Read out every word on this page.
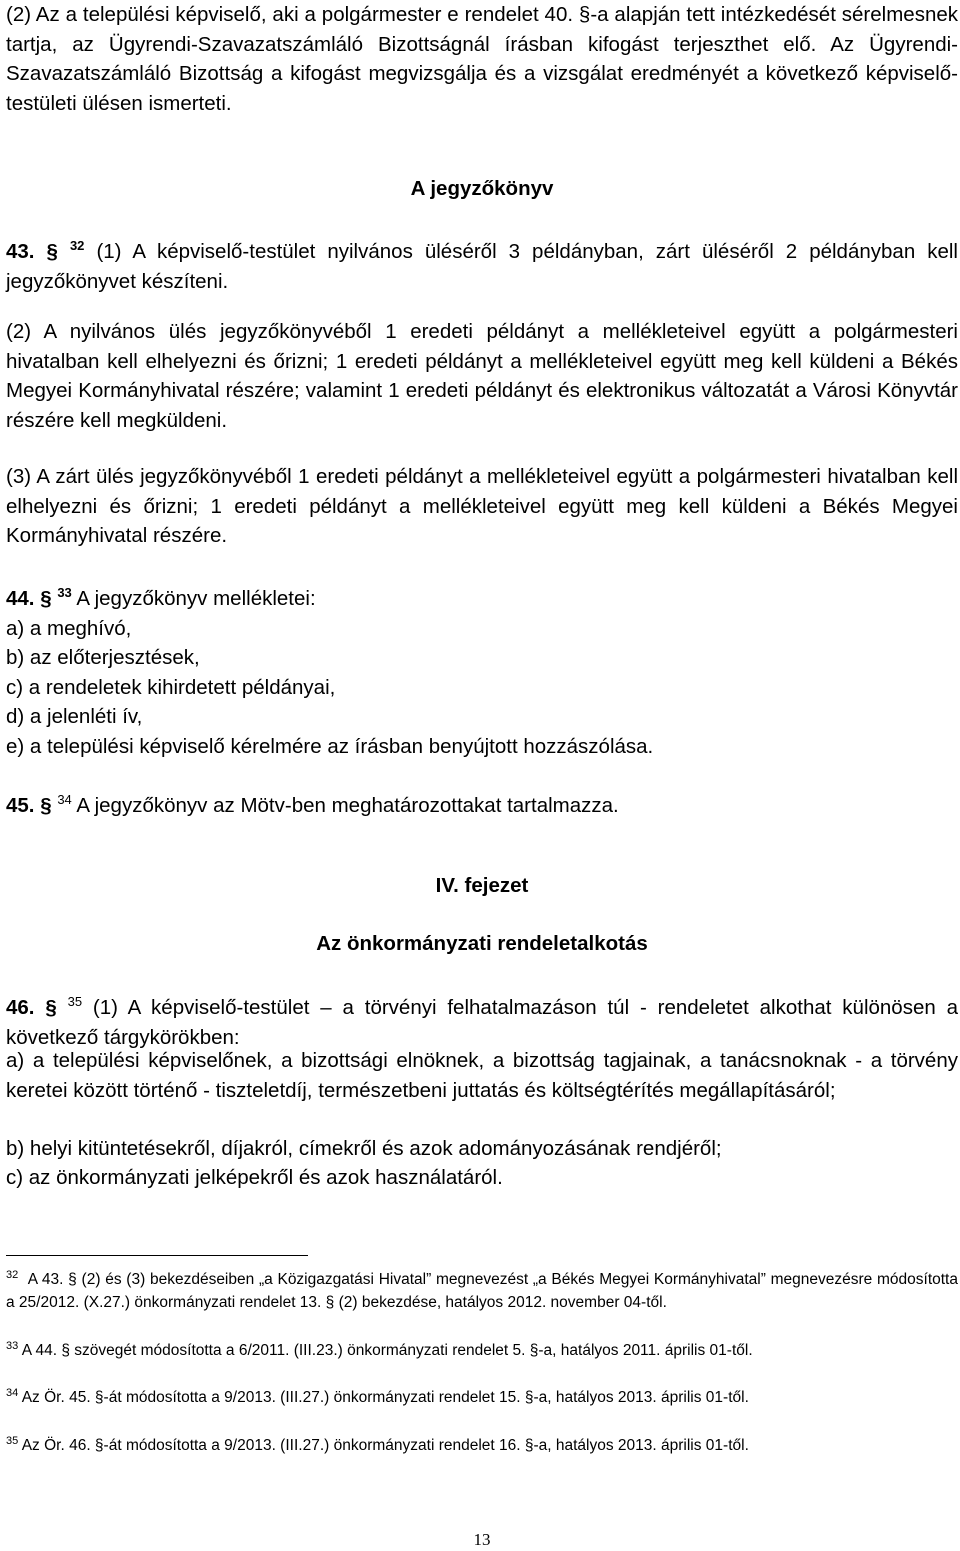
(2) Az a települési képviselő, aki a polgármester e rendelet 40. §-a alapján tett intézkedését sérelmesnek tartja, az Ügyrendi-Szavazatszámláló Bizottságnál írásban kifogást terjeszthet elő. Az Ügyrendi-Szavazatszámláló Bizottság a kifogást megvizsgálja és a vizsgálat eredményét a következő képviselő-testületi ülésen ismerteti.

A jegyzőkönyv

43. § $^{32}$ (1) A képviselő-testület nyilvános üléséről 3 példányban, zárt üléséről 2 példányban kell jegyzőkönyvet készíteni.

(2) A nyilvános ülés jegyzőkönyvéből 1 eredeti példányt a mellékleteivel együtt a polgármesteri hivatalban kell elhelyezni és őrizni; 1 eredeti példányt a mellékleteivel együtt meg kell küldeni a Békés Megyei Kormányhivatal részére; valamint 1 eredeti példányt és elektronikus változatát a Városi Könyvtár részére kell megküldeni.

(3) A zárt ülés jegyzőkönyvéből 1 eredeti példányt a mellékleteivel együtt a polgármesteri hivatalban kell elhelyezni és őrizni; 1 eredeti példányt a mellékleteivel együtt meg kell küldeni a Békés Megyei Kormányhivatal részére.

44. § $^{33}$ A jegyzőkönyv mellékletei:
a) a meghívó,
b) az előterjesztések,
c) a rendeletek kihirdetett példányai,
d) a jelenléti ív,
e) a települési képviselő kérelmére az írásban benyújtott hozzászólása.

45. § $^{34}$ A jegyzőkönyv az Mötv-ben meghatározottakat tartalmazza.

IV. fejezet

Az önkormányzati rendeletalkotás

46. § $^{35}$ (1) A képviselő-testület – a törvényi felhatalmazáson túl - rendeletet alkothat különösen a következő tárgykörökben:

a) a települési képviselőnek, a bizottsági elnöknek, a bizottság tagjainak, a tanácsnoknak - a törvény keretei között történő - tiszteletdíj, természetbeni juttatás és költségtérítés megállapításáról;

b) helyi kitüntetésekről, díjakról, címekről és azok adományozásának rendjéről;

c) az önkormányzati jelképekről és azok használatáról.

$^{32}$ A 43. § (2) és (3) bekezdéseiben „a Közigazgatási Hivatal” megnevezést „a Békés Megyei Kormányhivatal” megnevezésre módosította a 25/2012. (X.27.) önkormányzati rendelet 13. § (2) bekezdése, hatályos 2012. november 04-től.

$^{33}$ A 44. § szövegét módosította a 6/2011. (III.23.) önkormányzati rendelet 5. §-a, hatályos 2011. április 01-től.

$^{34}$ Az Ör. 45. §-át módosította a 9/2013. (III.27.) önkormányzati rendelet 15. §-a, hatályos 2013. április 01-től.

$^{35}$ Az Ör. 46. §-át módosította a 9/2013. (III.27.) önkormányzati rendelet 16. §-a, hatályos 2013. április 01-től.

13
